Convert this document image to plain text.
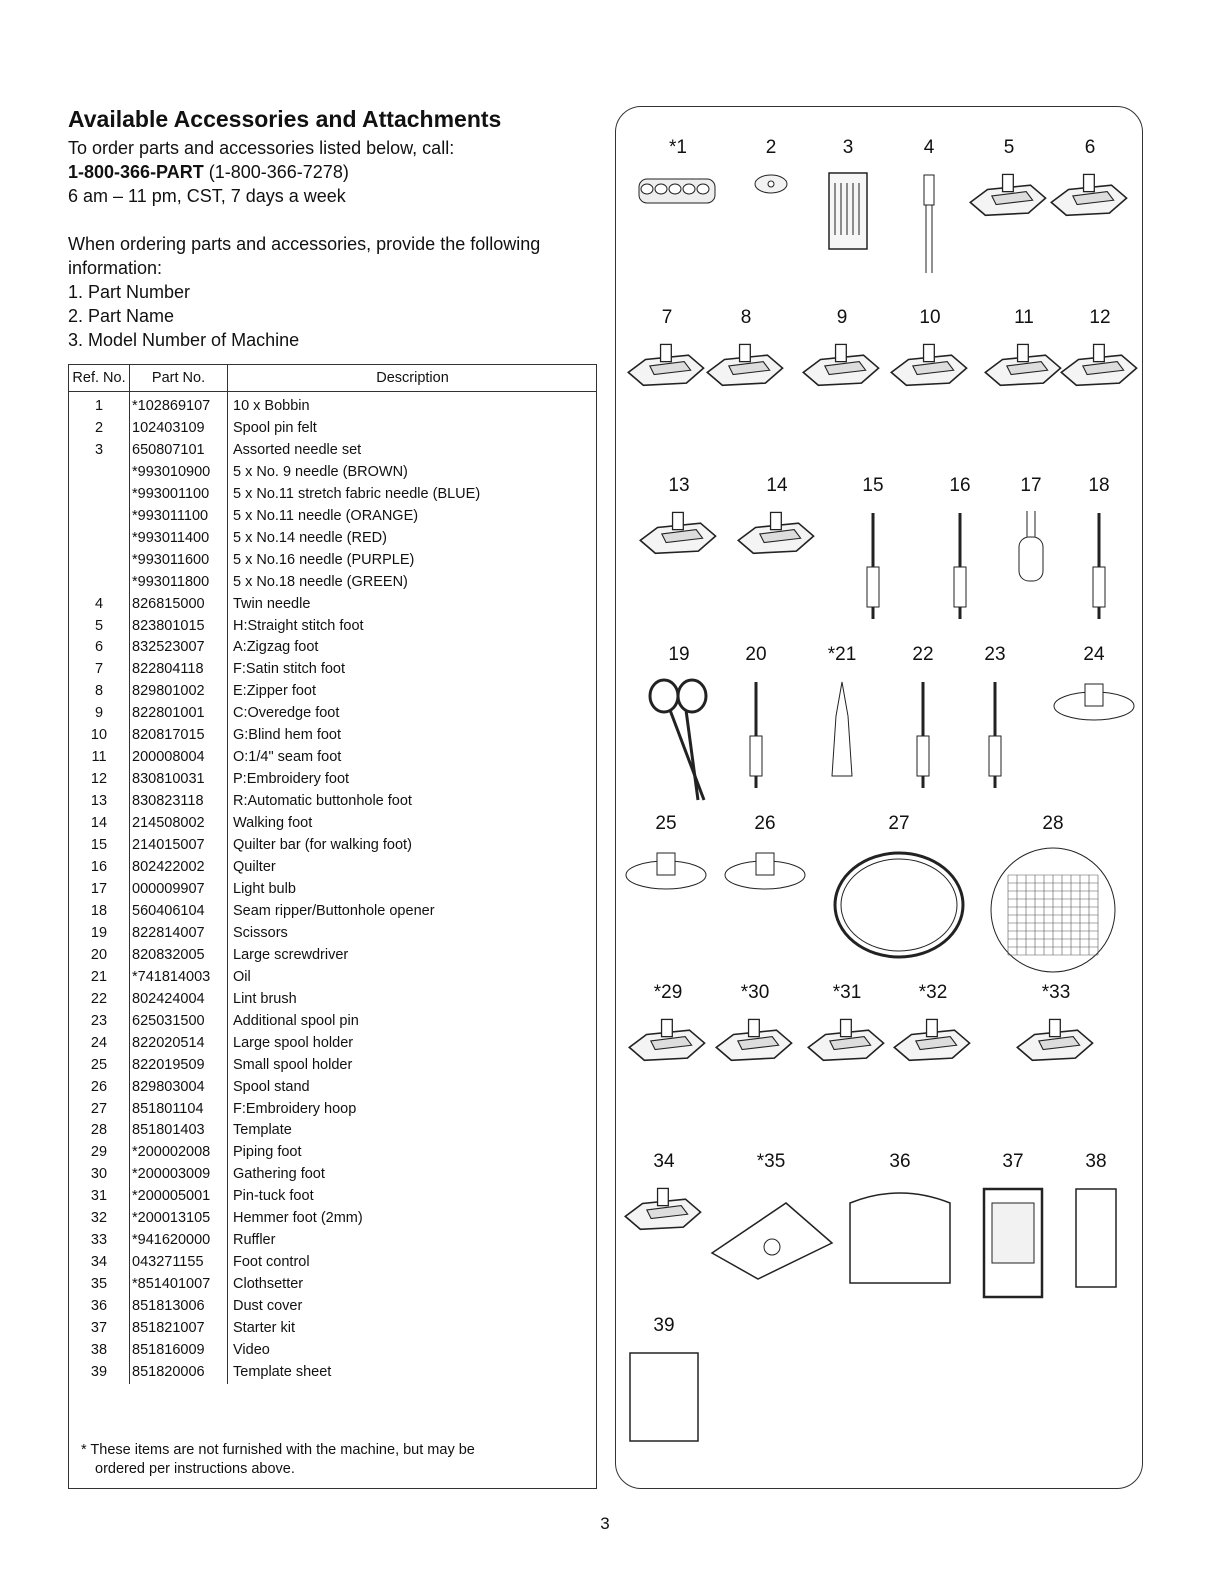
Available Accessories and Attachments

To order parts and accessories listed below, call:

1-800-366-PART (1-800-366-7278)

6 am – 11 pm, CST, 7 days a week

When ordering parts and accessories, provide the following

information:

1. Part Number

2. Part Name

3. Model Number of Machine

Ref. No.	Part No.	Description
1	*102869107	10 x Bobbin
2	102403109	Spool pin felt
3	650807101	Assorted needle set
	*993010900	5 x No. 9 needle (BROWN)
	*993001100	5 x No.11 stretch fabric needle (BLUE)
	*993011100	5 x No.11 needle (ORANGE)
	*993011400	5 x No.14 needle (RED)
	*993011600	5 x No.16 needle (PURPLE)
	*993011800	5 x No.18 needle (GREEN)
4	826815000	Twin needle
5	823801015	H:Straight stitch foot
6	832523007	A:Zigzag foot
7	822804118	F:Satin stitch foot
8	829801002	E:Zipper foot
9	822801001	C:Overedge foot
10	820817015	G:Blind hem foot
11	200008004	O:1/4" seam foot
12	830810031	P:Embroidery foot
13	830823118	R:Automatic buttonhole foot
14	214508002	Walking foot
15	214015007	Quilter bar (for walking foot)
16	802422002	Quilter
17	000009907	Light bulb
18	560406104	Seam ripper/Buttonhole opener
19	822814007	Scissors
20	820832005	Large screwdriver
21	*741814003	Oil
22	802424004	Lint brush
23	625031500	Additional spool pin
24	822020514	Large spool holder
25	822019509	Small spool holder
26	829803004	Spool stand
27	851801104	F:Embroidery hoop
28	851801403	Template
29	*200002008	Piping foot
30	*200003009	Gathering foot
31	*200005001	Pin-tuck foot
32	*200013105	Hemmer foot (2mm)
33	*941620000	Ruffler
34	043271155	Foot control
35	*851401007	Clothsetter
36	851813006	Dust cover
37	851821007	Starter kit
38	851816009	Video
39	851820006	Template sheet

* These items are not furnished with the machine, but may be

ordered per instructions above.

*1	2	3	4	5	6
7	8	9	10	11	12
13	14	15	16	17	18
19	20	*21	22	23	24
25	26	27	28
*29	*30	*31	*32	*33
34	*35	36	37	38
39
3
